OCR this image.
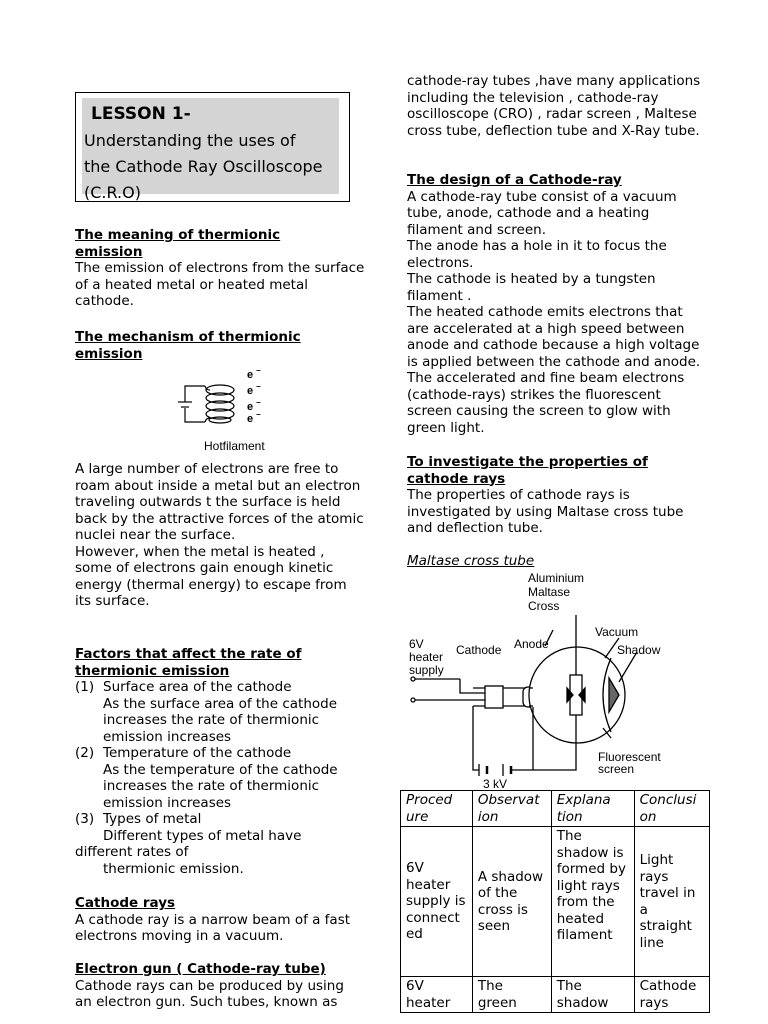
LESSON 1-
Understanding the uses of
the Cathode Ray Oscilloscope
(C.R.O)

The meaning of thermionic
emission

The emission of electrons from the surface of a heated metal or heated metal cathode.

The mechanism of thermionic
emission

e −
e −
e −
e −
Hotfilament

A large number of electrons are free to roam about inside a metal but an electron traveling outwards t the surface is held back by the attractive forces of the atomic nuclei near the surface.

However, when the metal is heated , some of electrons gain enough kinetic energy (thermal energy) to escape from its surface.

Factors that affect the rate of
thermionic emission

(1) Surface area of the cathode

As the surface area of the cathode increases the rate of thermionic emission increases

(2) Temperature of the cathode

As the temperature of the cathode increases the rate of thermionic emission increases

(3) Types of metal

Different types of metal have

different rates of

thermionic emission.

Cathode rays

A cathode ray is a narrow beam of a fast electrons moving in a vacuum.

Electron gun ( Cathode-ray tube)

Cathode rays can be produced by using an electron gun. Such tubes, known as

cathode-ray tubes ,have many applications including the television , cathode-ray oscilloscope (CRO) , radar screen , Maltese cross tube, deflection tube and X-Ray tube.

The design of a Cathode-ray

A cathode-ray tube consist of a vacuum tube, anode, cathode and a heating filament and screen.

The anode has a hole in it to focus the electrons.

The cathode is heated by a tungsten filament .

The heated cathode emits electrons that are accelerated at a high speed between anode and cathode because a high voltage is applied between the cathode and anode. The accelerated and fine beam electrons (cathode-rays) strikes the fluorescent screen causing the screen to glow with green light.

To investigate the properties of
cathode rays

The properties of cathode rays is investigated by using Maltase cross tube and deflection tube.

Maltase cross tube

Aluminium
Maltase
Cross
6V
heater
supply
Cathode Anode
Vacuum
Shadow
Fluorescent
screen
3 kV
Proced ure	Observat ion	Explana tion	Conclusi on
6V heater supply is connect ed	A shadow of the cross is seen	The shadow is formed by light rays from the heated filament	Light rays travel in a straight line
6V heater	The green	The shadow	Cathode rays
